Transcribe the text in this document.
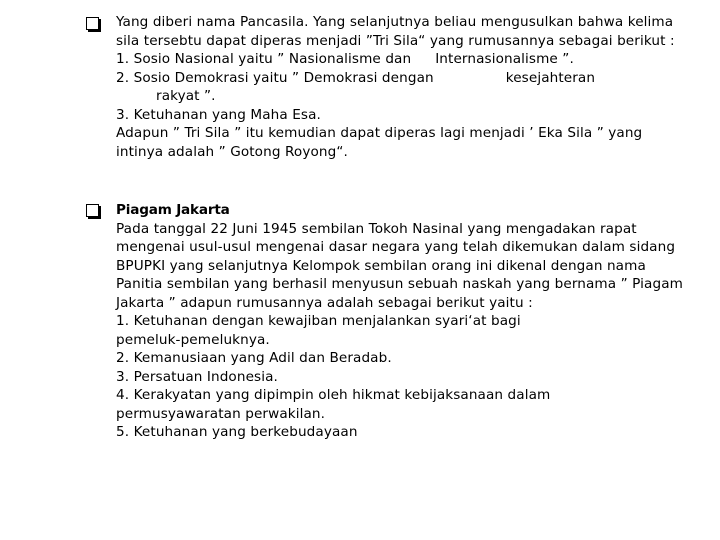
Yang diberi nama Pancasila. Yang selanjutnya beliau mengusulkan bahwa kelima
sila tersebtu dapat diperas menjadi ”Tri Sila“ yang rumusannya sebagai berikut :
1. Sosio Nasional yaitu ” Nasionalisme dan Internasionalisme ”.
2. Sosio Demokrasi yaitu ” Demokrasi dengan	kesejahteran
rakyat ”.
3. Ketuhanan yang Maha Esa.
Adapun ” Tri Sila ” itu kemudian dapat diperas lagi menjadi ’ Eka Sila ” yang
intinya adalah ” Gotong Royong“.
Piagam Jakarta
Pada tanggal 22 Juni 1945 sembilan Tokoh Nasinal yang mengadakan rapat
mengenai usul-usul mengenai dasar negara yang telah dikemukan dalam sidang
BPUPKI yang selanjutnya Kelompok sembilan orang ini dikenal dengan nama
Panitia sembilan yang berhasil menyusun sebuah naskah yang bernama ” Piagam
Jakarta ” adapun rumusannya adalah sebagai berikut yaitu :
1. Ketuhanan dengan kewajiban menjalankan syari‘at bagi
pemeluk-pemeluknya.
2. Kemanusiaan yang Adil dan Beradab.
3. Persatuan Indonesia.
4. Kerakyatan yang dipimpin oleh hikmat kebijaksanaan dalam
permusyawaratan perwakilan.
5. Ketuhanan yang berkebudayaan
